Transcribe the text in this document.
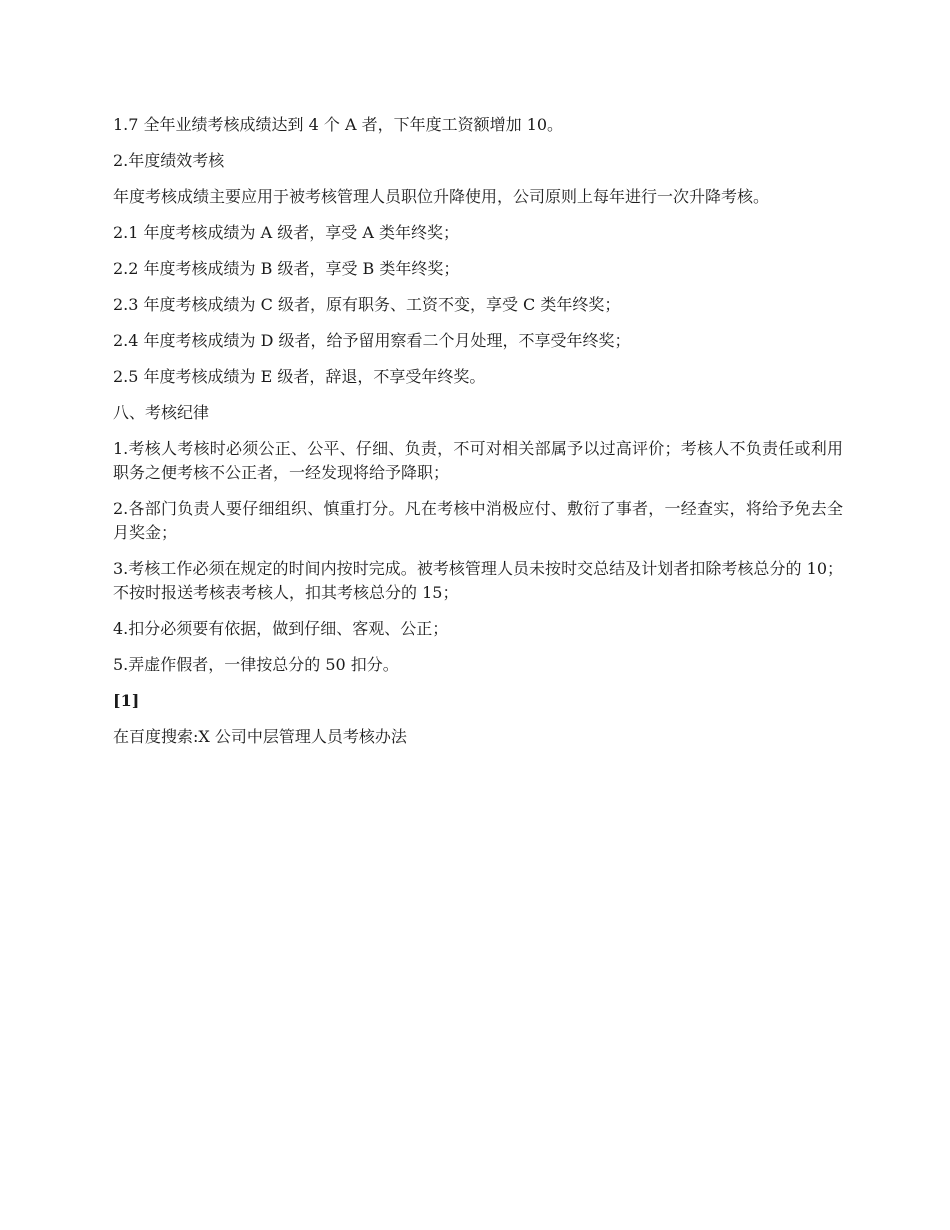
1.7 全年业绩考核成绩达到 4 个 A 者，下年度工资额增加 10。

2.年度绩效考核

年度考核成绩主要应用于被考核管理人员职位升降使用，公司原则上每年进行一次升降考核。

2.1 年度考核成绩为 A 级者，享受 A 类年终奖；

2.2 年度考核成绩为 B 级者，享受 B 类年终奖；

2.3 年度考核成绩为 C 级者，原有职务、工资不变，享受 C 类年终奖；

2.4 年度考核成绩为 D 级者，给予留用察看二个月处理，不享受年终奖；

2.5 年度考核成绩为 E 级者，辞退，不享受年终奖。

八、考核纪律

1.考核人考核时必须公正、公平、仔细、负责，不可对相关部属予以过高评价；考核人不负责任或利用职务之便考核不公正者，一经发现将给予降职；

2.各部门负责人要仔细组织、慎重打分。凡在考核中消极应付、敷衍了事者，一经查实，将给予免去全月奖金；

3.考核工作必须在规定的时间内按时完成。被考核管理人员未按时交总结及计划者扣除考核总分的 10；不按时报送考核表考核人，扣其考核总分的 15；

4.扣分必须要有依据，做到仔细、客观、公正；

5.弄虚作假者，一律按总分的 50 扣分。

[1]

在百度搜索:X 公司中层管理人员考核办法
